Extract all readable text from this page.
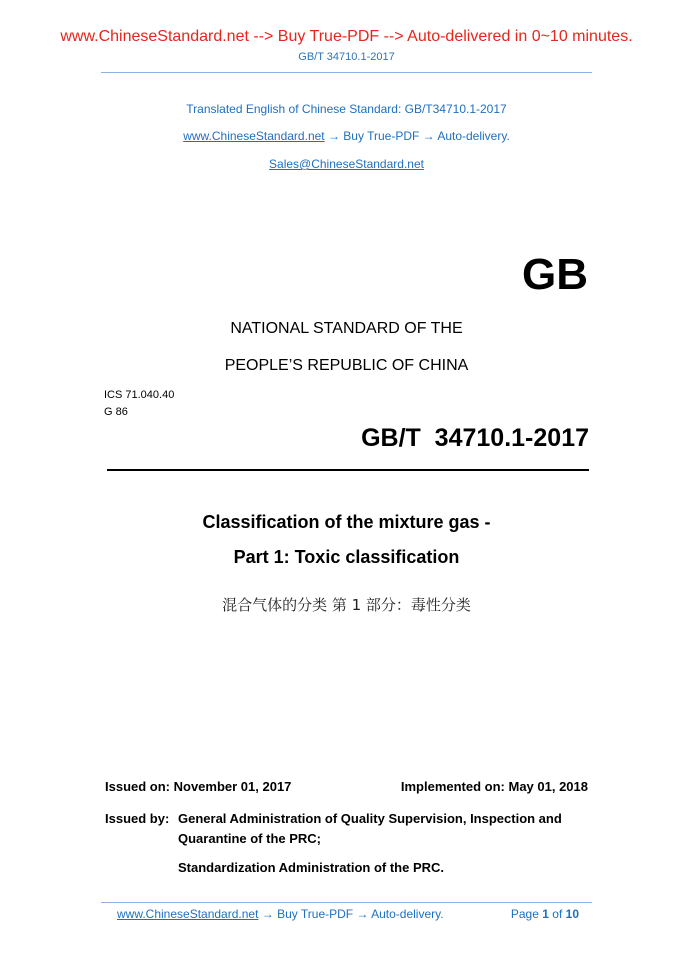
www.ChineseStandard.net --> Buy True-PDF --> Auto-delivered in 0~10 minutes.
GB/T 34710.1-2017
Translated English of Chinese Standard: GB/T34710.1-2017
www.ChineseStandard.net → Buy True-PDF → Auto-delivery.
Sales@ChineseStandard.net
GB
NATIONAL STANDARD OF THE
PEOPLE’S REPUBLIC OF CHINA
ICS 71.040.40
G 86
GB/T  34710.1-2017
Classification of the mixture gas -
Part 1: Toxic classification
混合气体的分类 第 1 部分：毒性分类
Issued on: November 01, 2017	Implemented on: May 01, 2018
Issued by: General Administration of Quality Supervision, Inspection and
Quarantine of the PRC;
Standardization Administration of the PRC.
www.ChineseStandard.net → Buy True-PDF → Auto-delivery.	Page 1 of 10
